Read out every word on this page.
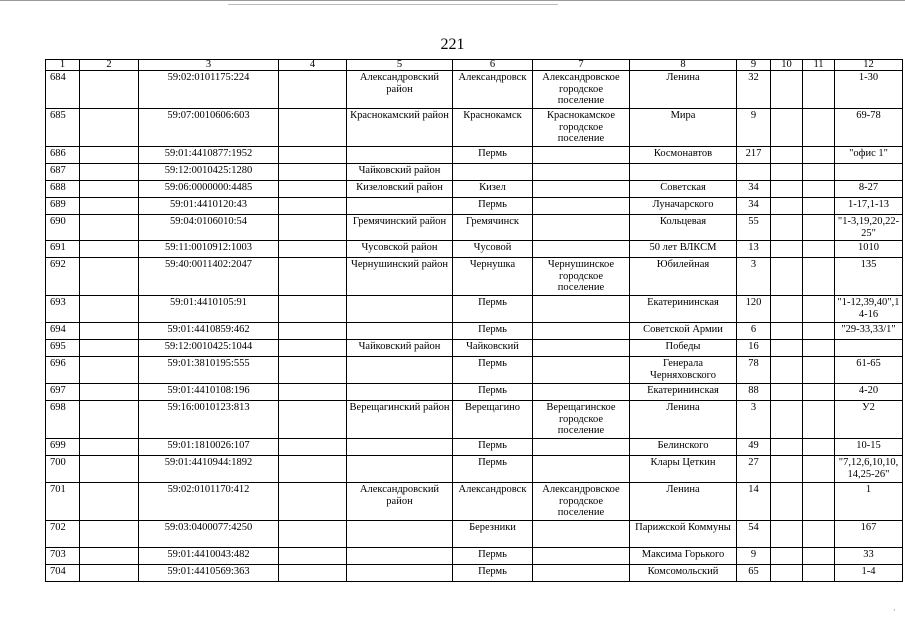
221
1	2	3	4	5	6	7	8	9	10	11	12
684		59:02:0101175:224		Александровский район	Александровск	Александровское городское поселение	Ленина	32			1-30
685		59:07:0010606:603		Краснокамский район	Краснокамск	Краснокамское городское поселение	Мира	9			69-78
686		59:01:4410877:1952			Пермь		Космонавтов	217			"офис 1"
687		59:12:0010425:1280		Чайковский район							
688		59:06:0000000:4485		Кизеловский район	Кизел		Советская	34			8-27
689		59:01:4410120:43			Пермь		Луначарского	34			1-17,1-13
690		59:04:0106010:54		Гремячинский район	Гремячинск		Кольцевая	55			"1-3,19,20,22-25"
691		59:11:0010912:1003		Чусовской район	Чусовой		50 лет ВЛКСМ	13			1010
692		59:40:0011402:2047		Чернушинский район	Чернушка	Чернушинское городское поселение	Юбилейная	3			135
693		59:01:4410105:91			Пермь		Екатерининская	120			"1-12,39,40",14-16
694		59:01:4410859:462			Пермь		Советской Армии	6			"29-33,33/1"
695		59:12:0010425:1044		Чайковский район	Чайковский		Победы	16			
696		59:01:3810195:555			Пермь		Генерала Черняховского	78			61-65
697		59:01:4410108:196			Пермь		Екатерининская	88			4-20
698		59:16:0010123:813		Верещагинский район	Верещагино	Верещагинское городское поселение	Ленина	3			У2
699		59:01:1810026:107			Пермь		Белинского	49			10-15
700		59:01:4410944:1892			Пермь		Клары Цеткин	27			"7,12,6,10,10,14,25-26"
701		59:02:0101170:412		Александровский район	Александровск	Александровское городское поселение	Ленина	14			1
702		59:03:0400077:4250			Березники		Парижской Коммуны	54			167
703		59:01:4410043:482			Пермь		Максима Горького	9			33
704		59:01:4410569:363			Пермь		Комсомольский	65			1-4
·
